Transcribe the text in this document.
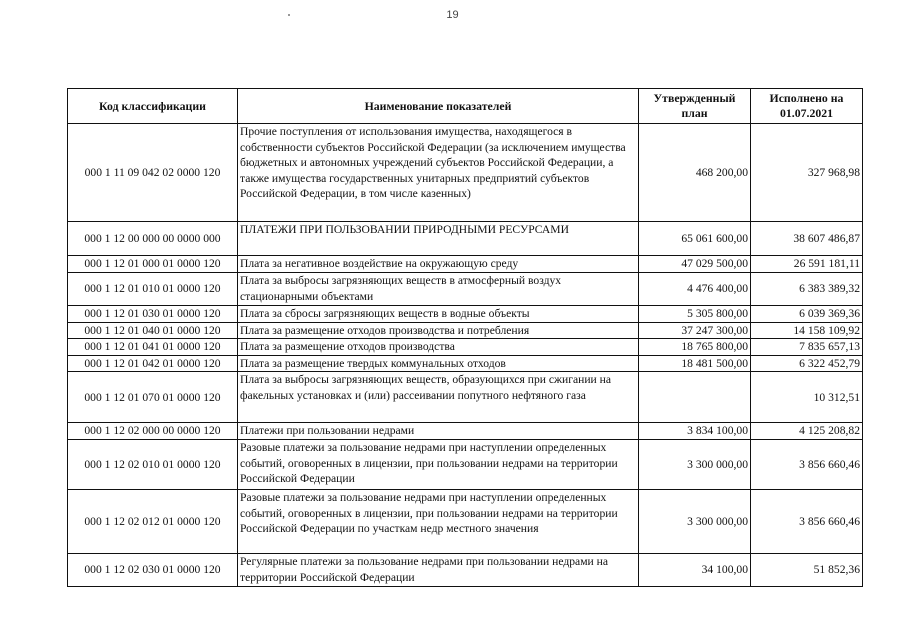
19
Код классификации	Наименование показателей	Утвержденный план	Исполнено на 01.07.2021
000 1 11 09 042 02 0000 120	Прочие поступления от использования имущества, находящегося в собственности субъектов Российской Федерации (за исключением имущества бюджетных и автономных учреждений субъектов Российской Федерации, а также имущества государственных унитарных предприятий субъектов Российской Федерации, в том числе казенных)	468 200,00	327 968,98
000 1 12 00 000 00 0000 000	ПЛАТЕЖИ ПРИ ПОЛЬЗОВАНИИ ПРИРОДНЫМИ РЕСУРСАМИ	65 061 600,00	38 607 486,87
000 1 12 01 000 01 0000 120	Плата за негативное воздействие на окружающую среду	47 029 500,00	26 591 181,11
000 1 12 01 010 01 0000 120	Плата за выбросы загрязняющих веществ в атмосферный воздух стационарными объектами	4 476 400,00	6 383 389,32
000 1 12 01 030 01 0000 120	Плата за сбросы загрязняющих веществ в водные объекты	5 305 800,00	6 039 369,36
000 1 12 01 040 01 0000 120	Плата за размещение отходов производства и потребления	37 247 300,00	14 158 109,92
000 1 12 01 041 01 0000 120	Плата за размещение отходов производства	18 765 800,00	7 835 657,13
000 1 12 01 042 01 0000 120	Плата за размещение твердых коммунальных отходов	18 481 500,00	6 322 452,79
000 1 12 01 070 01 0000 120	Плата за выбросы загрязняющих веществ, образующихся при сжигании на факельных установках и (или) рассеивании попутного нефтяного газа		10 312,51
000 1 12 02 000 00 0000 120	Платежи при пользовании недрами	3 834 100,00	4 125 208,82
000 1 12 02 010 01 0000 120	Разовые платежи за пользование недрами при наступлении определенных событий, оговоренных в лицензии, при пользовании недрами на территории Российской Федерации	3 300 000,00	3 856 660,46
000 1 12 02 012 01 0000 120	Разовые платежи за пользование недрами при наступлении определенных событий, оговоренных в лицензии, при пользовании недрами на территории Российской Федерации по участкам недр местного значения	3 300 000,00	3 856 660,46
000 1 12 02 030 01 0000 120	Регулярные платежи за пользование недрами при пользовании недрами на территории Российской Федерации	34 100,00	51 852,36
